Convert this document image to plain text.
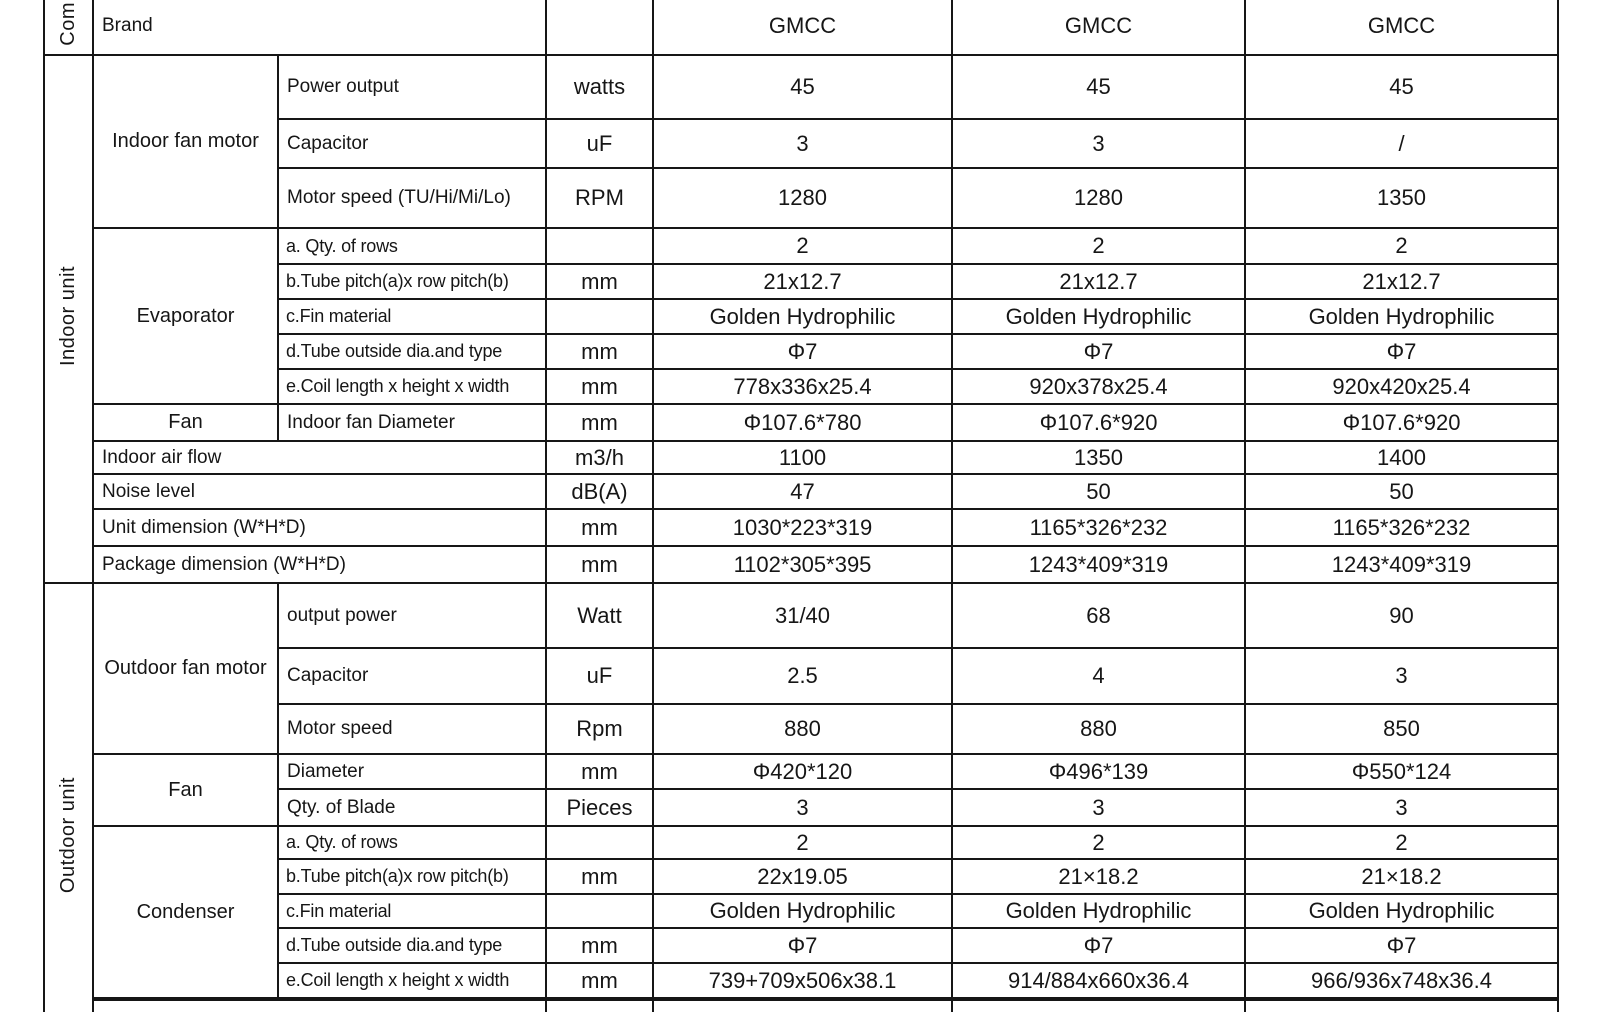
Com	Brand			GMCC	GMCC	GMCC
Indoor unit	Indoor fan motor	Power output	watts	45	45	45
		Capacitor	uF	3	3	/
		Motor speed (TU/Hi/Mi/Lo)	RPM	1280	1280	1350
	Evaporator	a. Qty. of rows		2	2	2
		b.Tube pitch(a)x row pitch(b)	mm	21x12.7	21x12.7	21x12.7
		c.Fin material		Golden Hydrophilic	Golden Hydrophilic	Golden Hydrophilic
		d.Tube outside dia.and type	mm	Φ7	Φ7	Φ7
		e.Coil length x height x width	mm	778x336x25.4	920x378x25.4	920x420x25.4
	Fan	Indoor fan Diameter	mm	Φ107.6*780	Φ107.6*920	Φ107.6*920
	Indoor air flow		m3/h	1100	1350	1400
	Noise level		dB(A)	47	50	50
	Unit dimension (W*H*D)		mm	1030*223*319	1165*326*232	1165*326*232
	Package dimension (W*H*D)		mm	1102*305*395	1243*409*319	1243*409*319
Outdoor unit	Outdoor fan motor	output power	Watt	31/40	68	90
		Capacitor	uF	2.5	4	3
		Motor speed	Rpm	880	880	850
	Fan	Diameter	mm	Φ420*120	Φ496*139	Φ550*124
		Qty. of Blade	Pieces	3	3	3
	Condenser	a. Qty. of rows		2	2	2
		b.Tube pitch(a)x row pitch(b)	mm	22x19.05	21×18.2	21×18.2
		c.Fin material		Golden Hydrophilic	Golden Hydrophilic	Golden Hydrophilic
		d.Tube outside dia.and type	mm	Φ7	Φ7	Φ7
		e.Coil length x height x width	mm	739+709x506x38.1	914/884x660x36.4	966/936x748x36.4
